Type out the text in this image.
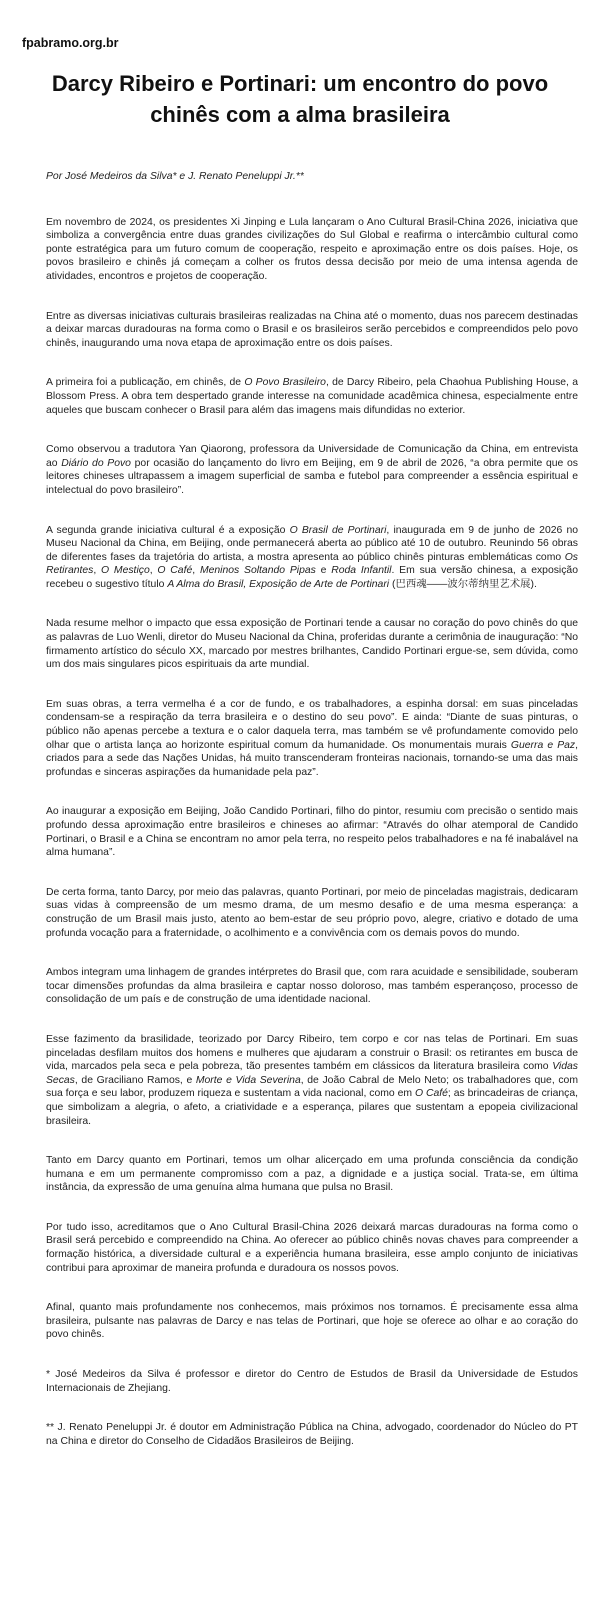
fpabramo.org.br
Darcy Ribeiro e Portinari: um encontro do povo chinês com a alma brasileira

Por José Medeiros da Silva* e J. Renato Peneluppi Jr.**

Em novembro de 2024, os presidentes Xi Jinping e Lula lançaram o Ano Cultural Brasil-China 2026, iniciativa que simboliza a convergência entre duas grandes civilizações do Sul Global e reafirma o intercâmbio cultural como ponte estratégica para um futuro comum de cooperação, respeito e aproximação entre os dois países. Hoje, os povos brasileiro e chinês já começam a colher os frutos dessa decisão por meio de uma intensa agenda de atividades, encontros e projetos de cooperação.

Entre as diversas iniciativas culturais brasileiras realizadas na China até o momento, duas nos parecem destinadas a deixar marcas duradouras na forma como o Brasil e os brasileiros serão percebidos e compreendidos pelo povo chinês, inaugurando uma nova etapa de aproximação entre os dois países.

A primeira foi a publicação, em chinês, de O Povo Brasileiro, de Darcy Ribeiro, pela Chaohua Publishing House, a Blossom Press. A obra tem despertado grande interesse na comunidade acadêmica chinesa, especialmente entre aqueles que buscam conhecer o Brasil para além das imagens mais difundidas no exterior.

Como observou a tradutora Yan Qiaorong, professora da Universidade de Comunicação da China, em entrevista ao Diário do Povo por ocasião do lançamento do livro em Beijing, em 9 de abril de 2026, “a obra permite que os leitores chineses ultrapassem a imagem superficial de samba e futebol para compreender a essência espiritual e intelectual do povo brasileiro”.

A segunda grande iniciativa cultural é a exposição O Brasil de Portinari, inaugurada em 9 de junho de 2026 no Museu Nacional da China, em Beijing, onde permanecerá aberta ao público até 10 de outubro. Reunindo 56 obras de diferentes fases da trajetória do artista, a mostra apresenta ao público chinês pinturas emblemáticas como Os Retirantes, O Mestiço, O Café, Meninos Soltando Pipas e Roda Infantil. Em sua versão chinesa, a exposição recebeu o sugestivo título A Alma do Brasil, Exposição de Arte de Portinari (巴西魂——波尔蒂纳里艺术展).

Nada resume melhor o impacto que essa exposição de Portinari tende a causar no coração do povo chinês do que as palavras de Luo Wenli, diretor do Museu Nacional da China, proferidas durante a cerimônia de inauguração: “No firmamento artístico do século XX, marcado por mestres brilhantes, Candido Portinari ergue-se, sem dúvida, como um dos mais singulares picos espirituais da arte mundial.

Em suas obras, a terra vermelha é a cor de fundo, e os trabalhadores, a espinha dorsal: em suas pinceladas condensam-se a respiração da terra brasileira e o destino do seu povo”. E ainda: “Diante de suas pinturas, o público não apenas percebe a textura e o calor daquela terra, mas também se vê profundamente comovido pelo olhar que o artista lança ao horizonte espiritual comum da humanidade. Os monumentais murais Guerra e Paz, criados para a sede das Nações Unidas, há muito transcenderam fronteiras nacionais, tornando-se uma das mais profundas e sinceras aspirações da humanidade pela paz”.

Ao inaugurar a exposição em Beijing, João Candido Portinari, filho do pintor, resumiu com precisão o sentido mais profundo dessa aproximação entre brasileiros e chineses ao afirmar: “Através do olhar atemporal de Candido Portinari, o Brasil e a China se encontram no amor pela terra, no respeito pelos trabalhadores e na fé inabalável na alma humana”.

De certa forma, tanto Darcy, por meio das palavras, quanto Portinari, por meio de pinceladas magistrais, dedicaram suas vidas à compreensão de um mesmo drama, de um mesmo desafio e de uma mesma esperança: a construção de um Brasil mais justo, atento ao bem-estar de seu próprio povo, alegre, criativo e dotado de uma profunda vocação para a fraternidade, o acolhimento e a convivência com os demais povos do mundo.

Ambos integram uma linhagem de grandes intérpretes do Brasil que, com rara acuidade e sensibilidade, souberam tocar dimensões profundas da alma brasileira e captar nosso doloroso, mas também esperançoso, processo de consolidação de um país e de construção de uma identidade nacional.

Esse fazimento da brasilidade, teorizado por Darcy Ribeiro, tem corpo e cor nas telas de Portinari. Em suas pinceladas desfilam muitos dos homens e mulheres que ajudaram a construir o Brasil: os retirantes em busca de vida, marcados pela seca e pela pobreza, tão presentes também em clássicos da literatura brasileira como Vidas Secas, de Graciliano Ramos, e Morte e Vida Severina, de João Cabral de Melo Neto; os trabalhadores que, com sua força e seu labor, produzem riqueza e sustentam a vida nacional, como em O Café; as brincadeiras de criança, que simbolizam a alegria, o afeto, a criatividade e a esperança, pilares que sustentam a epopeia civilizacional brasileira.

Tanto em Darcy quanto em Portinari, temos um olhar alicerçado em uma profunda consciência da condição humana e em um permanente compromisso com a paz, a dignidade e a justiça social. Trata-se, em última instância, da expressão de uma genuína alma humana que pulsa no Brasil.

Por tudo isso, acreditamos que o Ano Cultural Brasil-China 2026 deixará marcas duradouras na forma como o Brasil será percebido e compreendido na China. Ao oferecer ao público chinês novas chaves para compreender a formação histórica, a diversidade cultural e a experiência humana brasileira, esse amplo conjunto de iniciativas contribui para aproximar de maneira profunda e duradoura os nossos povos.

Afinal, quanto mais profundamente nos conhecemos, mais próximos nos tornamos. É precisamente essa alma brasileira, pulsante nas palavras de Darcy e nas telas de Portinari, que hoje se oferece ao olhar e ao coração do povo chinês.

* José Medeiros da Silva é professor e diretor do Centro de Estudos de Brasil da Universidade de Estudos Internacionais de Zhejiang.

** J. Renato Peneluppi Jr. é doutor em Administração Pública na China, advogado, coordenador do Núcleo do PT na China e diretor do Conselho de Cidadãos Brasileiros de Beijing.
